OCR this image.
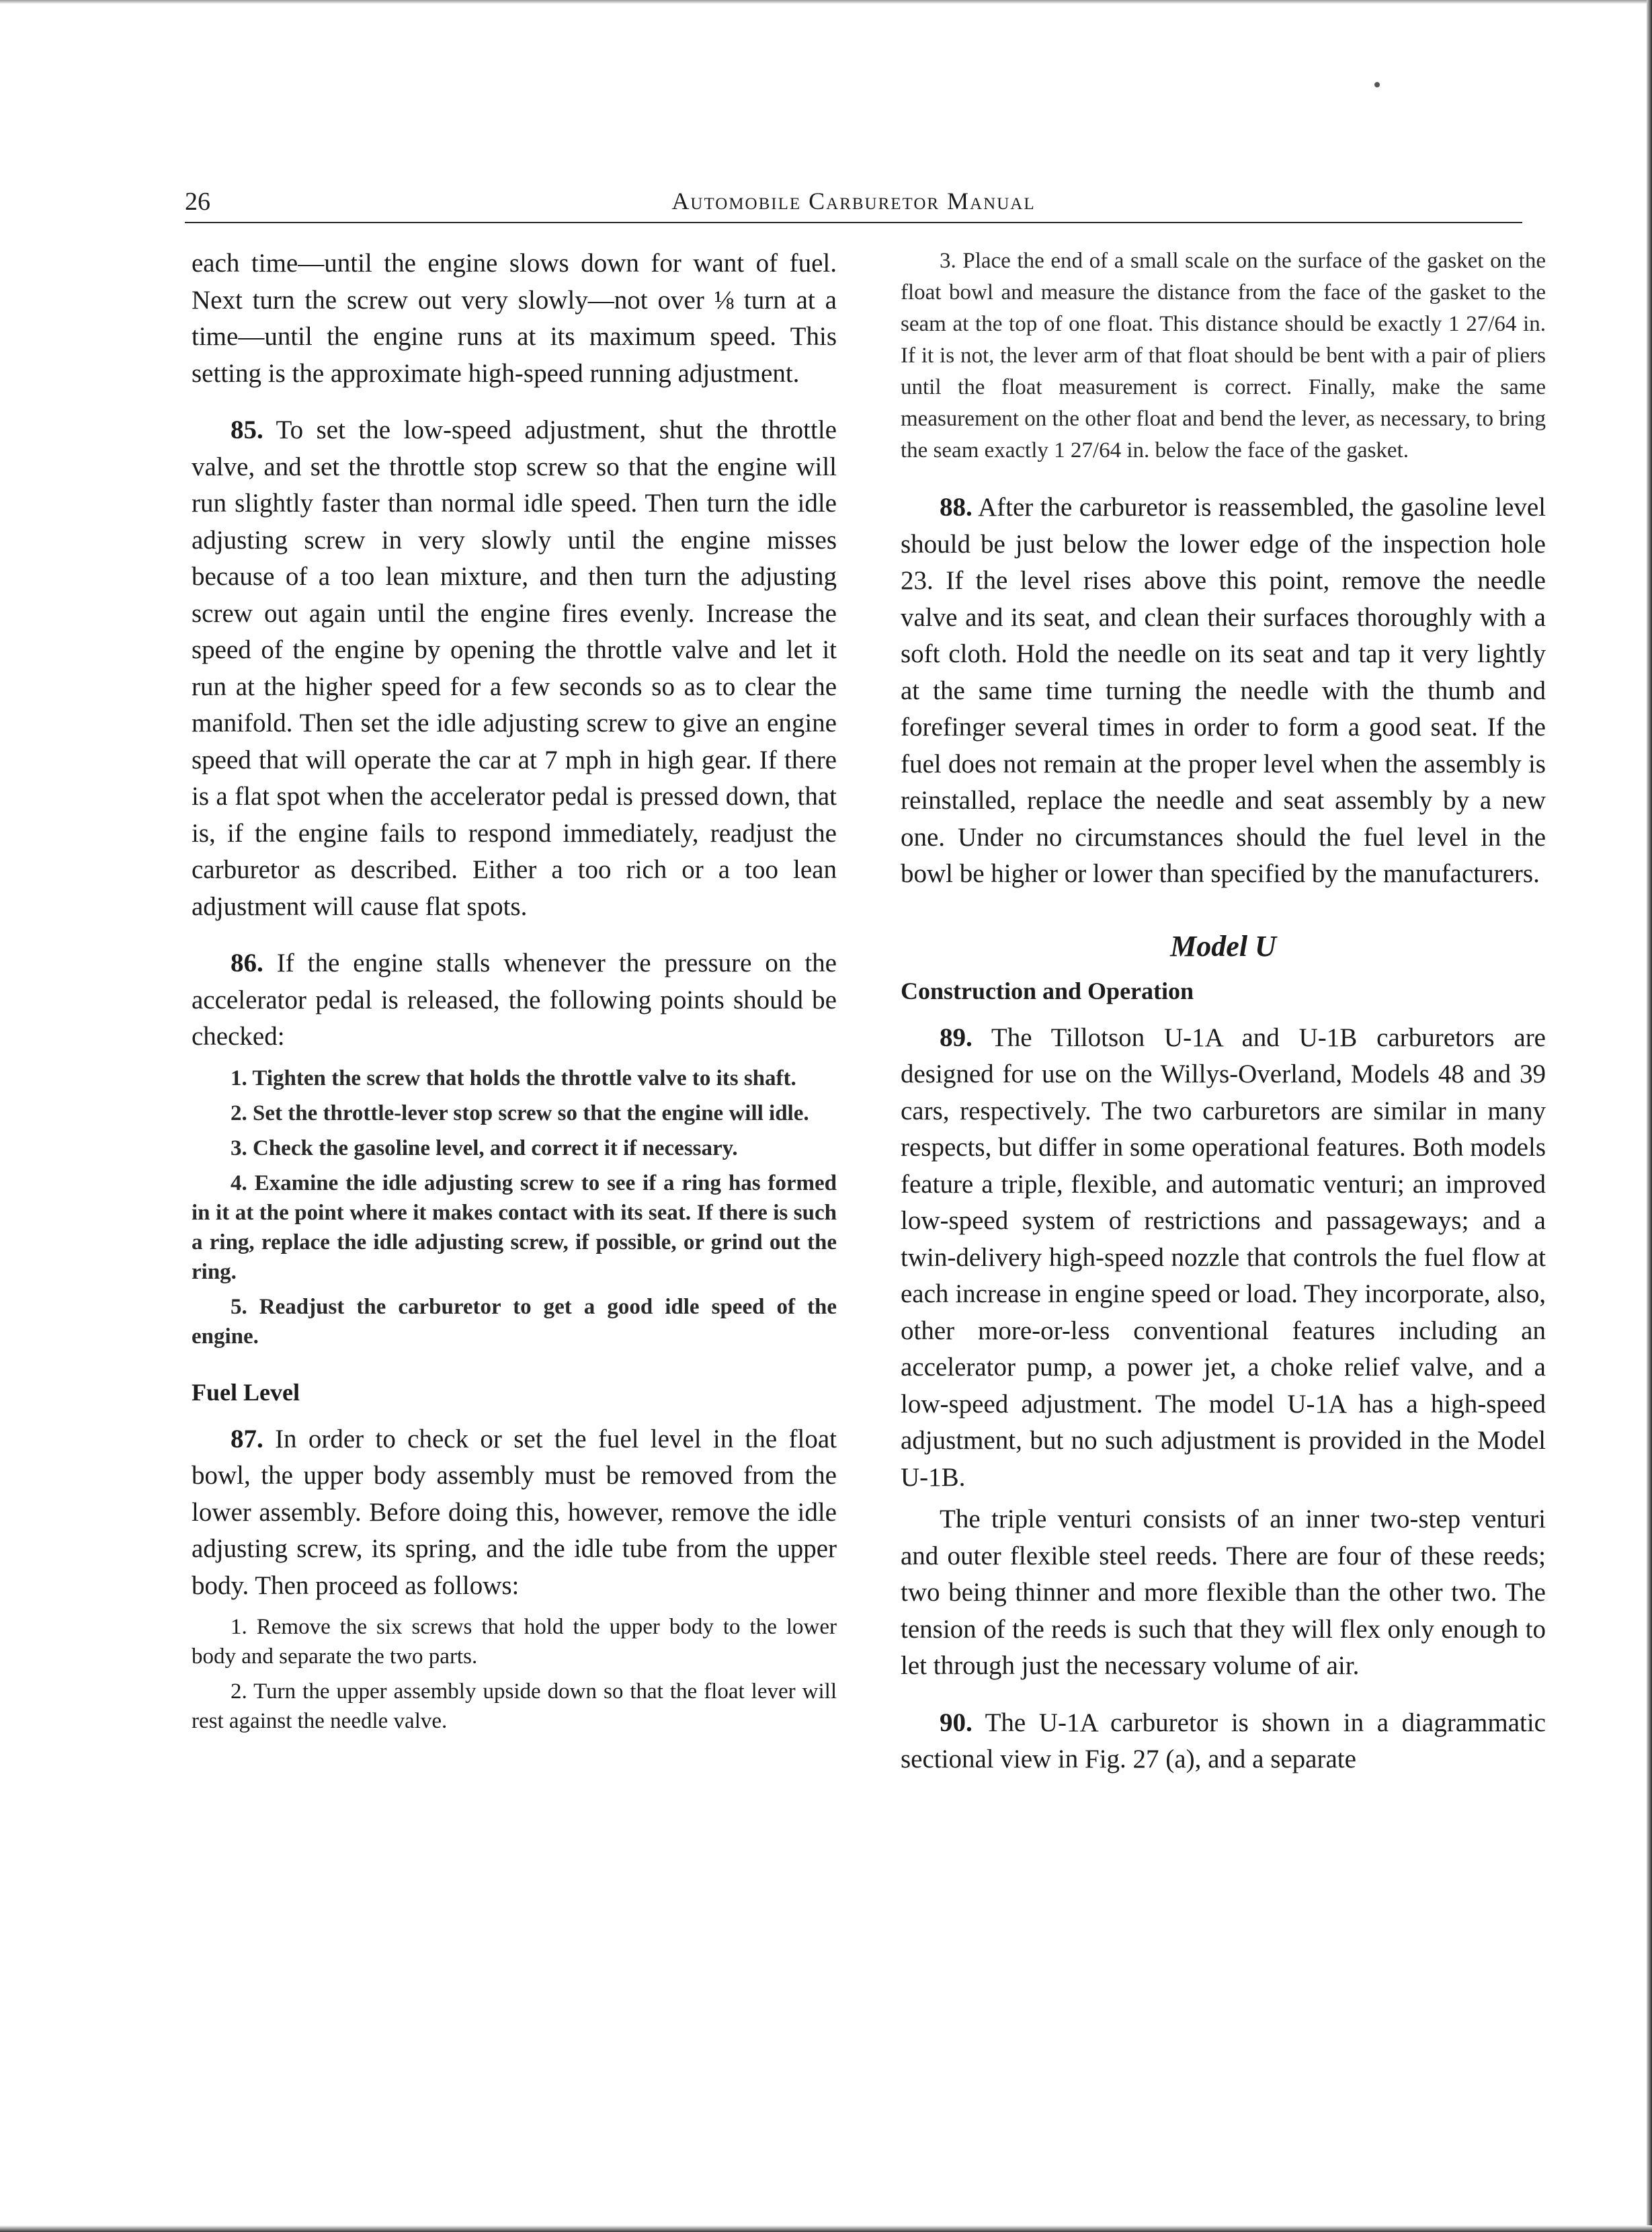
26	Automobile Carburetor Manual

each time—until the engine slows down for want of fuel. Next turn the screw out very slowly—not over ⅛ turn at a time—until the engine runs at its maximum speed. This setting is the approximate high-speed running adjustment.

85. To set the low-speed adjustment, shut the throttle valve, and set the throttle stop screw so that the engine will run slightly faster than normal idle speed. Then turn the idle adjusting screw in very slowly until the engine misses because of a too lean mixture, and then turn the adjusting screw out again until the engine fires evenly. Increase the speed of the engine by opening the throttle valve and let it run at the higher speed for a few seconds so as to clear the manifold. Then set the idle adjusting screw to give an engine speed that will operate the car at 7 mph in high gear. If there is a flat spot when the accelerator pedal is pressed down, that is, if the engine fails to respond immediately, readjust the carburetor as described. Either a too rich or a too lean adjustment will cause flat spots.

86. If the engine stalls whenever the pressure on the accelerator pedal is released, the following points should be checked:

1. Tighten the screw that holds the throttle valve to its shaft.

2. Set the throttle-lever stop screw so that the engine will idle.

3. Check the gasoline level, and correct it if necessary.

4. Examine the idle adjusting screw to see if a ring has formed in it at the point where it makes contact with its seat. If there is such a ring, replace the idle adjusting screw, if possible, or grind out the ring.

5. Readjust the carburetor to get a good idle speed of the engine.

Fuel Level

87. In order to check or set the fuel level in the float bowl, the upper body assembly must be removed from the lower assembly. Before doing this, however, remove the idle adjusting screw, its spring, and the idle tube from the upper body. Then proceed as follows:

1. Remove the six screws that hold the upper body to the lower body and separate the two parts.

2. Turn the upper assembly upside down so that the float lever will rest against the needle valve.

3. Place the end of a small scale on the surface of the gasket on the float bowl and measure the distance from the face of the gasket to the seam at the top of one float. This distance should be exactly 1 27/64 in. If it is not, the lever arm of that float should be bent with a pair of pliers until the float measurement is correct. Finally, make the same measurement on the other float and bend the lever, as necessary, to bring the seam exactly 1 27/64 in. below the face of the gasket.

88. After the carburetor is reassembled, the gasoline level should be just below the lower edge of the inspection hole 23. If the level rises above this point, remove the needle valve and its seat, and clean their surfaces thoroughly with a soft cloth. Hold the needle on its seat and tap it very lightly at the same time turning the needle with the thumb and forefinger several times in order to form a good seat. If the fuel does not remain at the proper level when the assembly is reinstalled, replace the needle and seat assembly by a new one. Under no circumstances should the fuel level in the bowl be higher or lower than specified by the manufacturers.

Model U
Construction and Operation

89. The Tillotson U-1A and U-1B carburetors are designed for use on the Willys-Overland, Models 48 and 39 cars, respectively. The two carburetors are similar in many respects, but differ in some operational features. Both models feature a triple, flexible, and automatic venturi; an improved low-speed system of restrictions and passageways; and a twin-delivery high-speed nozzle that controls the fuel flow at each increase in engine speed or load. They incorporate, also, other more-or-less conventional features including an accelerator pump, a power jet, a choke relief valve, and a low-speed adjustment. The model U-1A has a high-speed adjustment, but no such adjustment is provided in the Model U-1B.

The triple venturi consists of an inner two-step venturi and outer flexible steel reeds. There are four of these reeds; two being thinner and more flexible than the other two. The tension of the reeds is such that they will flex only enough to let through just the necessary volume of air.

90. The U-1A carburetor is shown in a diagrammatic sectional view in Fig. 27 (a), and a separate
